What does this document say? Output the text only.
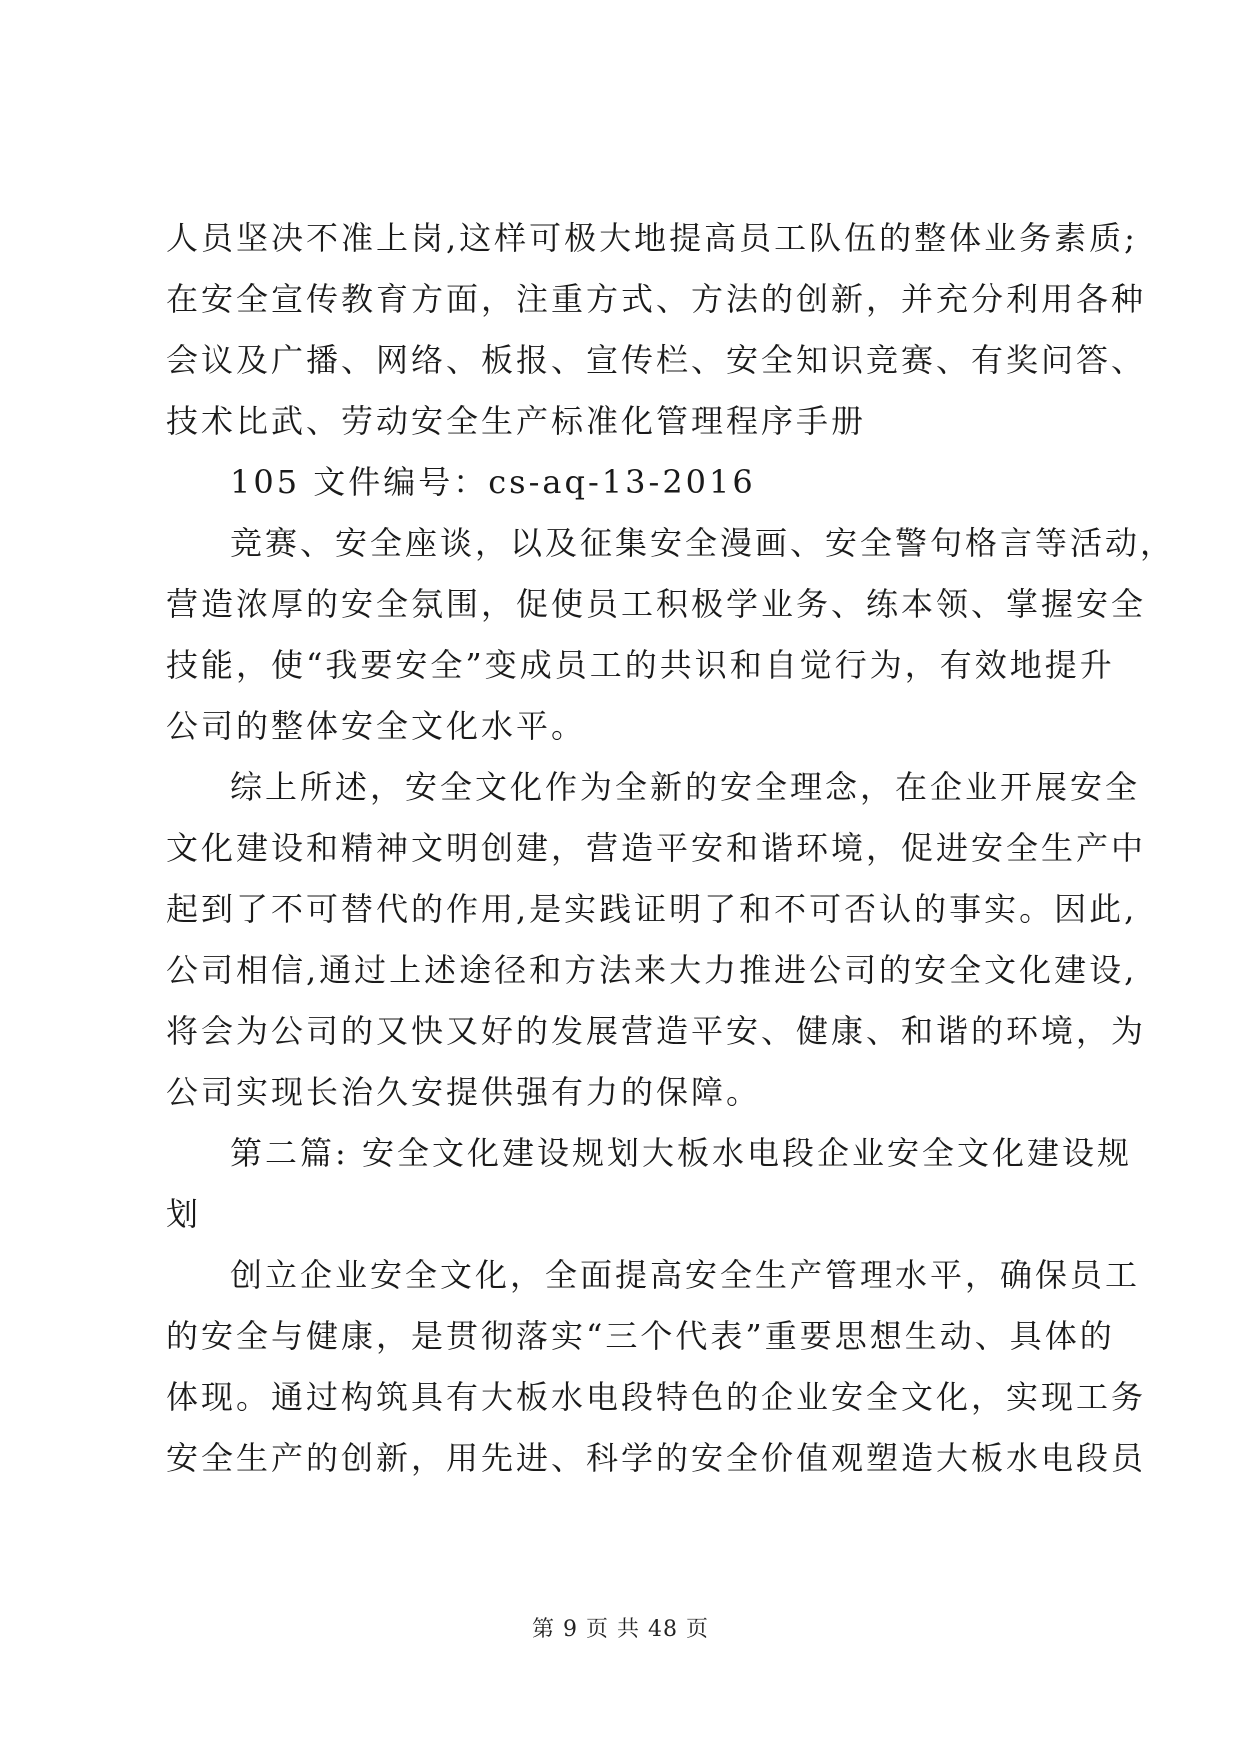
人员坚决不准上岗,这样可极大地提高员工队伍的整体业务素质;
在安全宣传教育方面，注重方式、方法的创新，并充分利用各种
会议及广播、网络、板报、宣传栏、安全知识竞赛、有奖问答、
技术比武、劳动安全生产标准化管理程序手册
105 文件编号：cs-aq-13-2016
竞赛、安全座谈，以及征集安全漫画、安全警句格言等活动，
营造浓厚的安全氛围，促使员工积极学业务、练本领、掌握安全
技能，使“我要安全”变成员工的共识和自觉行为，有效地提升
公司的整体安全文化水平。
综上所述，安全文化作为全新的安全理念，在企业开展安全
文化建设和精神文明创建，营造平安和谐环境，促进安全生产中
起到了不可替代的作用,是实践证明了和不可否认的事实。因此,
公司相信,通过上述途径和方法来大力推进公司的安全文化建设,
将会为公司的又快又好的发展营造平安、健康、和谐的环境，为
公司实现长治久安提供强有力的保障。
第二篇: 安全文化建设规划大板水电段企业安全文化建设规
划
创立企业安全文化，全面提高安全生产管理水平，确保员工
的安全与健康，是贯彻落实“三个代表”重要思想生动、具体的
体现。通过构筑具有大板水电段特色的企业安全文化，实现工务
安全生产的创新，用先进、科学的安全价值观塑造大板水电段员
第 9 页 共 48 页
